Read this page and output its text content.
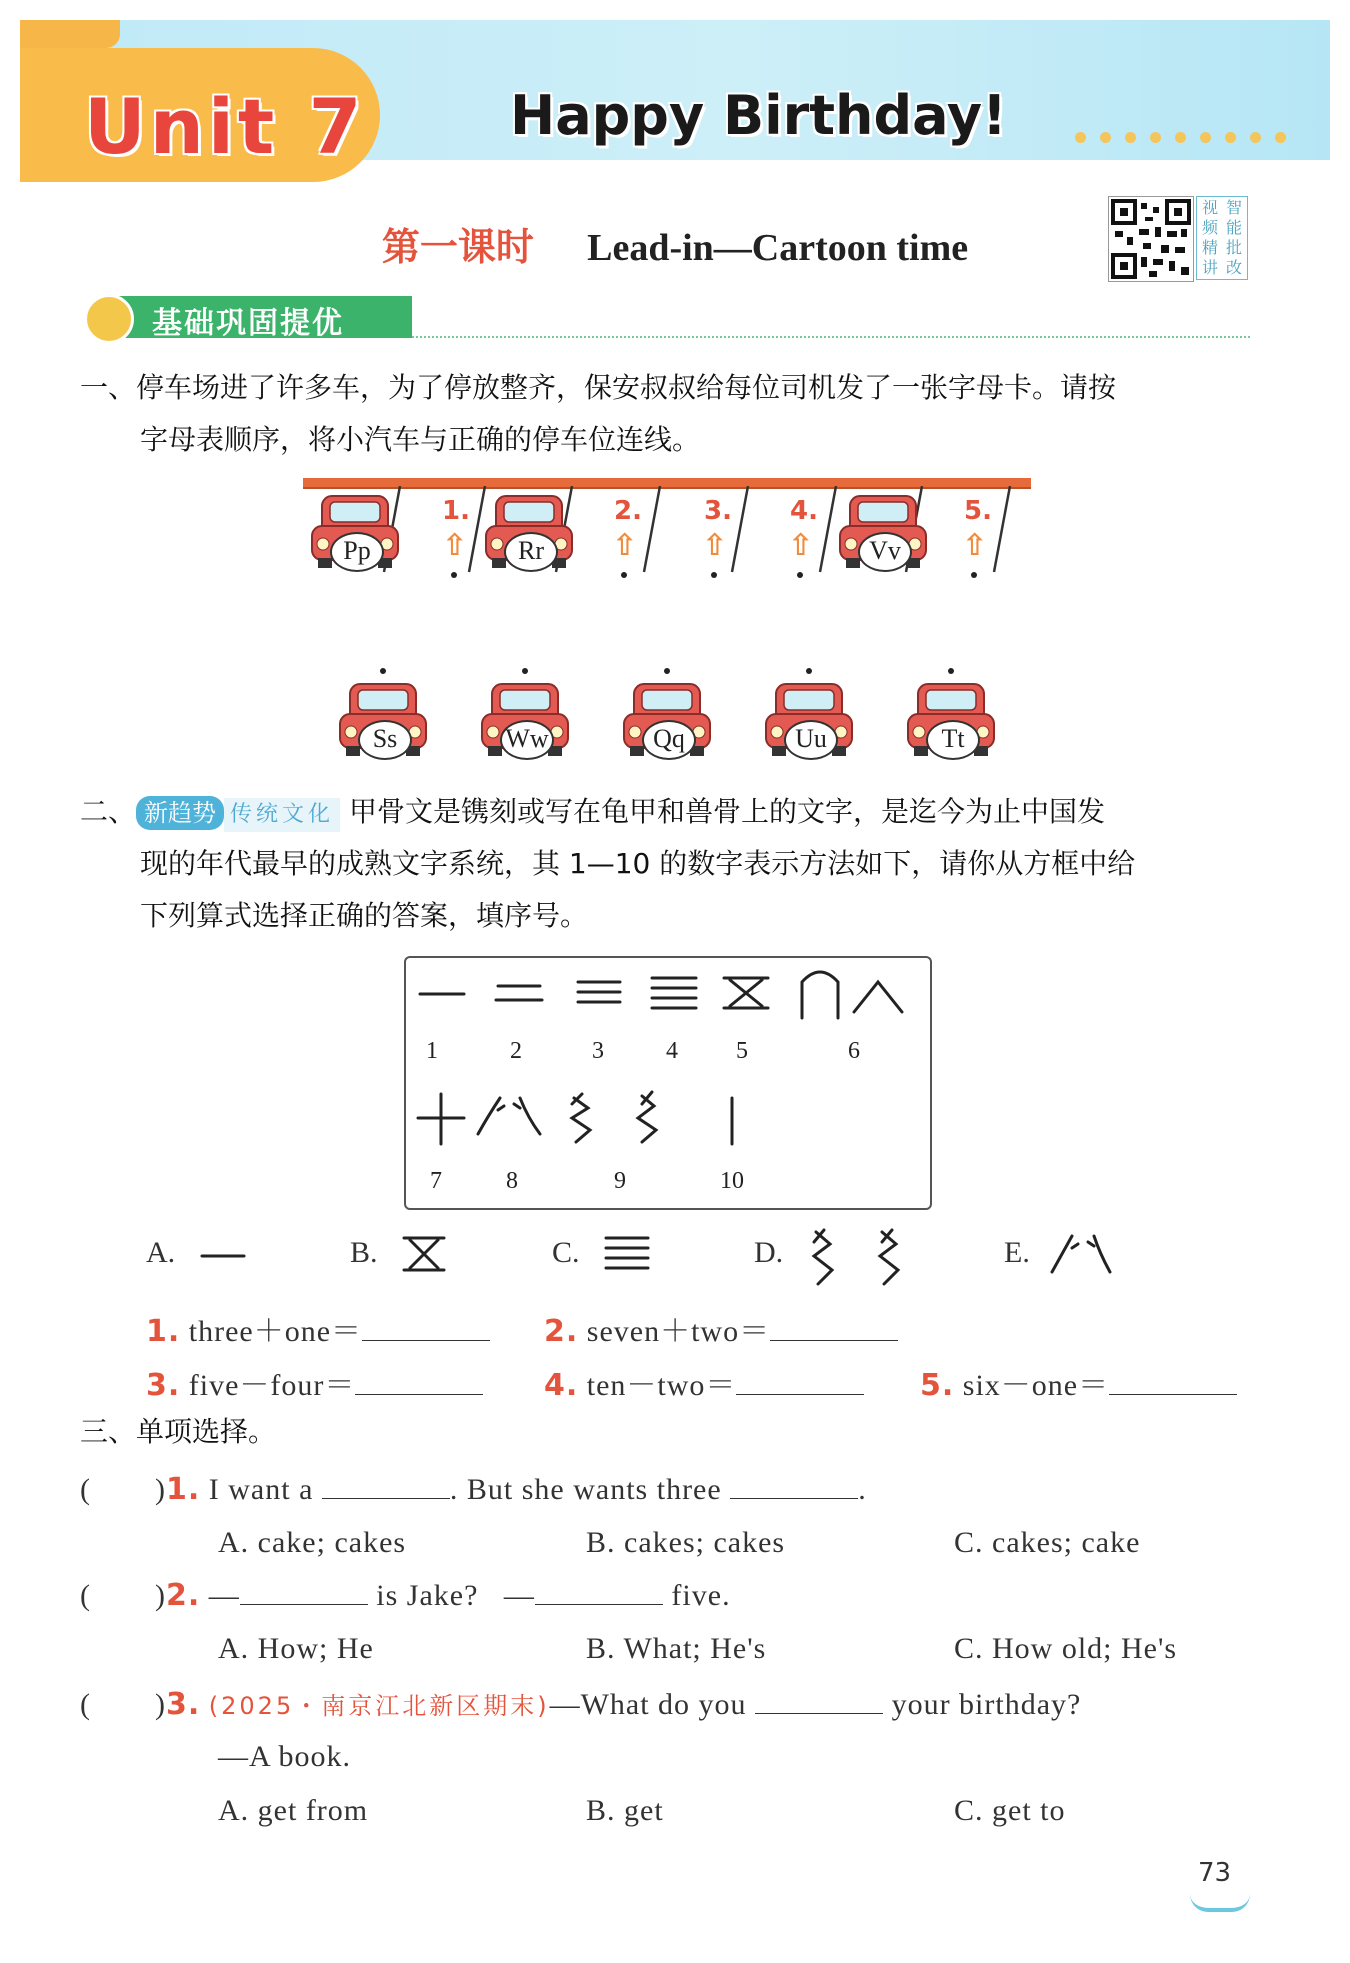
Unit 7	Happy Birthday!
第一课时 Lead-in—Cartoon time
视 智
频 能
精 批
讲 改
基础巩固提优
一、停车场进了许多车，为了停放整齐，保安叔叔给每位司机发了一张字母卡。请按
字母表顺序，将小汽车与正确的停车位连线。
Pp	Rr	Vv
1.
⇧
2.
⇧
3.
⇧
4.
⇧
5.
⇧
Ss	Ww	Qq	Uu	Tt
二、 新趋势 传统文化 甲骨文是镌刻或写在龟甲和兽骨上的文字，是迄今为止中国发
现的年代最早的成熟文字系统，其 1—10 的数字表示方法如下，请你从方框中给
下列算式选择正确的答案，填序号。
1	2	3	4 5	6
7	8	9	10
A.	B.	C.	D.	E.
1. three＋one＝	2. seven＋two＝
3. five－four＝	4. ten－two＝	5. six－one＝
三、单项选择。
( )1. I want a	. But she wants three	.
A. cake; cakes	B. cakes; cakes	C. cakes; cake
( )2. —	is Jake? —	five.
A. How; He	B. What; He's	C. How old; He's
( )3. (2025・南京江北新区期末)—What do you	your birthday?
—A book.
A. get from	B. get	C. get to
73
